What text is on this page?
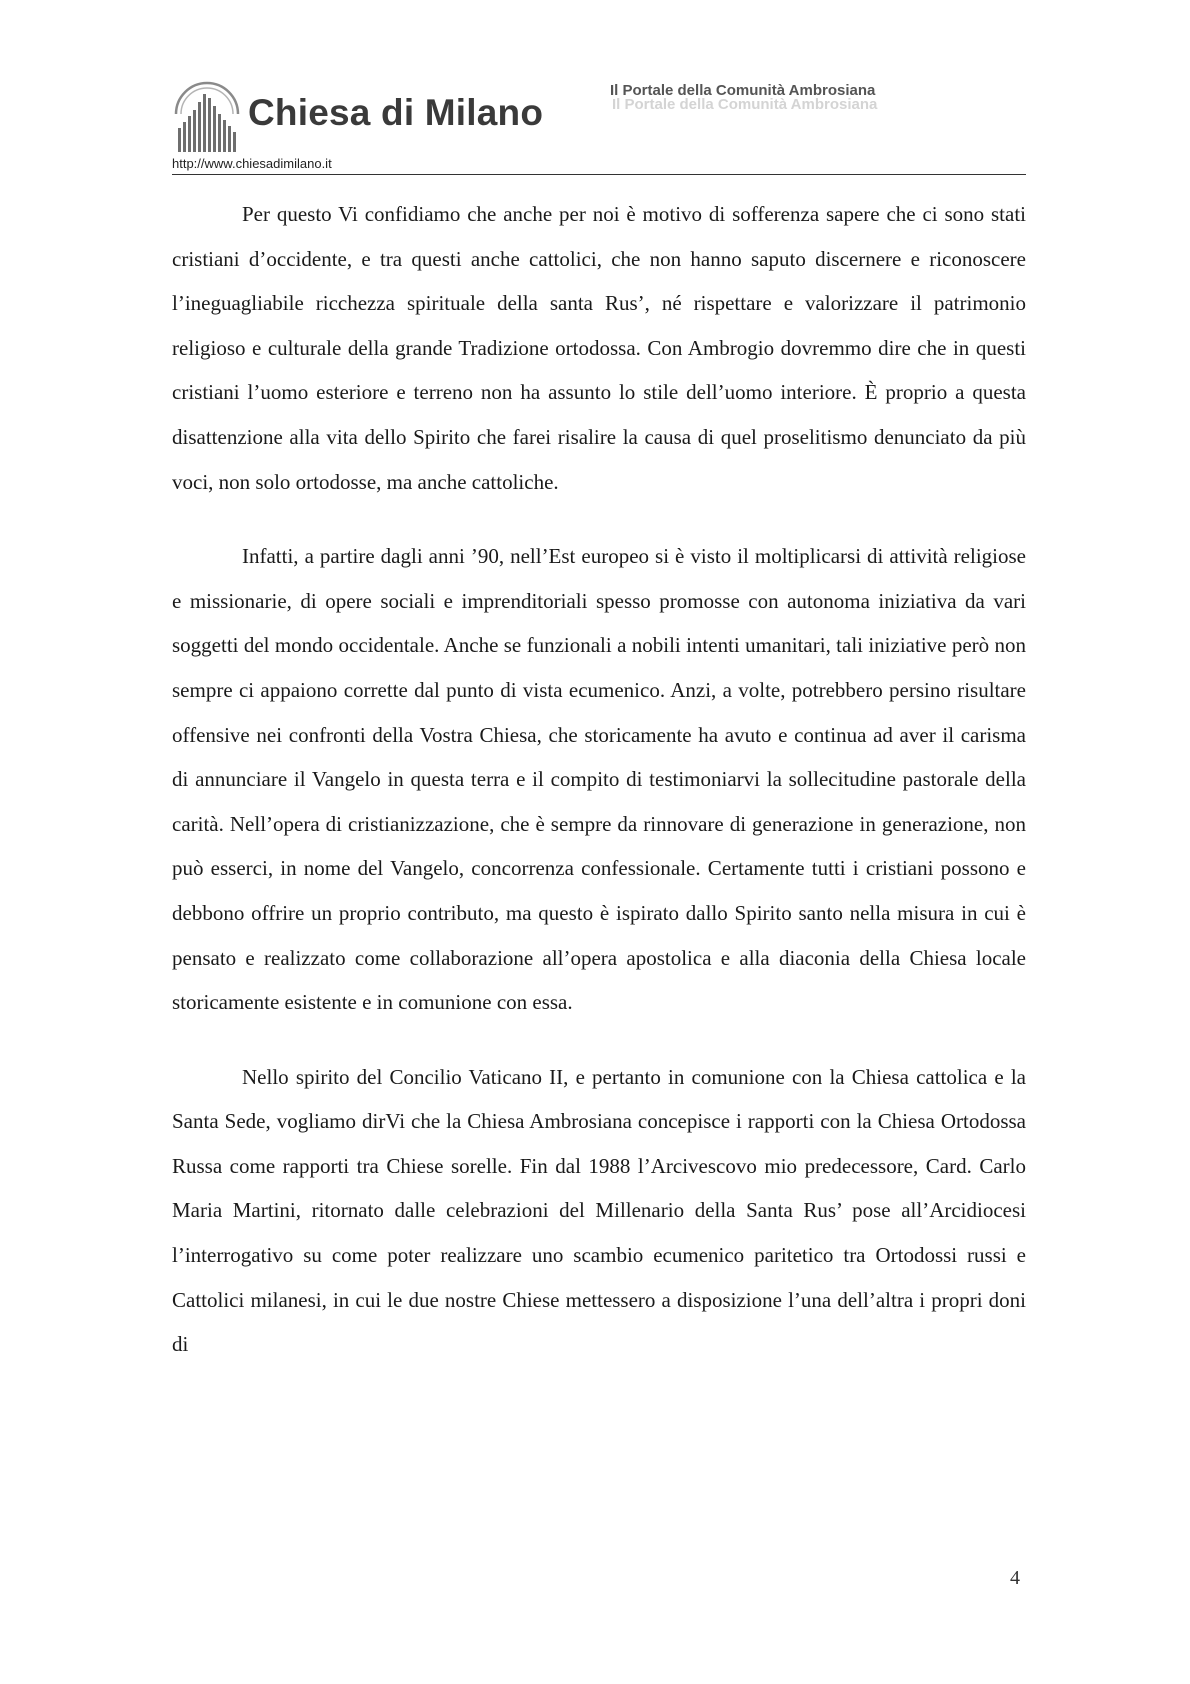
Chiesa di Milano
Il Portale della Comunità Ambrosiana
Il Portale della Comunità Ambrosiana
http://www.chiesadimilano.it

Per questo Vi confidiamo che anche per noi è motivo di sofferenza sapere che ci sono stati cristiani d’occidente, e tra questi anche cattolici, che non hanno saputo discernere e riconoscere l’ineguagliabile ricchezza spirituale della santa Rus’, né rispettare e valorizzare il patrimonio religioso e culturale della grande Tradizione ortodossa. Con Ambrogio dovremmo dire che in questi cristiani l’uomo esteriore e terreno non ha assunto lo stile dell’uomo interiore. È proprio a questa disattenzione alla vita dello Spirito che farei risalire la causa di quel proselitismo denunciato da più voci, non solo ortodosse, ma anche cattoliche.

Infatti, a partire dagli anni ’90, nell’Est europeo si è visto il moltiplicarsi di attività religiose e missionarie, di opere sociali e imprenditoriali spesso promosse con autonoma iniziativa da vari soggetti del mondo occidentale. Anche se funzionali a nobili intenti umanitari, tali iniziative però non sempre ci appaiono corrette dal punto di vista ecumenico. Anzi, a volte, potrebbero persino risultare offensive nei confronti della Vostra Chiesa, che storicamente ha avuto e continua ad aver il carisma di annunciare il Vangelo in questa terra e il compito di testimoniarvi la sollecitudine pastorale della carità. Nell’opera di cristianizzazione, che è sempre da rinnovare di generazione in generazione, non può esserci, in nome del Vangelo, concorrenza confessionale. Certamente tutti i cristiani possono e debbono offrire un proprio contributo, ma questo è ispirato dallo Spirito santo nella misura in cui è pensato e realizzato come collaborazione all’opera apostolica e alla diaconia della Chiesa locale storicamente esistente e in comunione con essa.

Nello spirito del Concilio Vaticano II, e pertanto in comunione con la Chiesa cattolica e la Santa Sede, vogliamo dirVi che la Chiesa Ambrosiana concepisce i rapporti con la Chiesa Ortodossa Russa come rapporti tra Chiese sorelle. Fin dal 1988 l’Arcivescovo mio predecessore, Card. Carlo Maria Martini, ritornato dalle celebrazioni del Millenario della Santa Rus’ pose all’Arcidiocesi l’interrogativo su come poter realizzare uno scambio ecumenico paritetico tra Ortodossi russi e Cattolici milanesi, in cui le due nostre Chiese mettessero a disposizione l’una dell’altra i propri doni di

4
